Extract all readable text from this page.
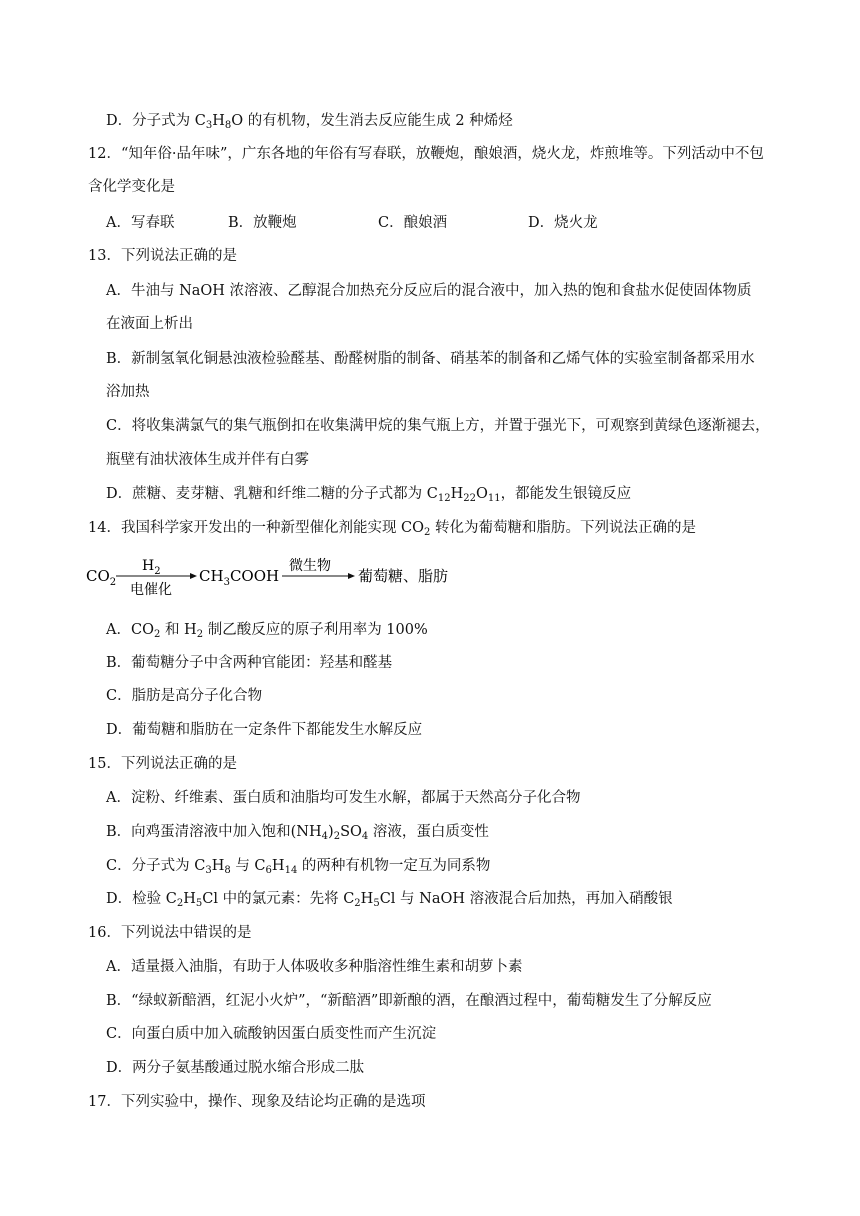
D．分子式为 $C_3H_8O$ 的有机物，发生消去反应能生成 2 种烯烃
12．“知年俗·品年味”，广东各地的年俗有写春联，放鞭炮，酿娘酒，烧火龙，炸煎堆等。下列活动中不包
含化学变化是
A．写春联	B．放鞭炮	C．酿娘酒	D．烧火龙
13．下列说法正确的是
A．牛油与 NaOH 浓溶液、乙醇混合加热充分反应后的混合液中，加入热的饱和食盐水促使固体物质
在液面上析出
B．新制氢氧化铜悬浊液检验醛基、酚醛树脂的制备、硝基苯的制备和乙烯气体的实验室制备都采用水
浴加热
C．将收集满氯气的集气瓶倒扣在收集满甲烷的集气瓶上方，并置于强光下，可观察到黄绿色逐渐褪去，
瓶壁有油状液体生成并伴有白雾
D．蔗糖、麦芽糖、乳糖和纤维二糖的分子式都为 $C_{12}H_{22}O_{11}$，都能发生银镜反应
14．我国科学家开发出的一种新型催化剂能实现 $CO_2$ 转化为葡萄糖和脂肪。下列说法正确的是
$CO_2$
$H_2$
电催化
$CH_3COOH$
微生物
葡萄糖、脂肪
A．$CO_2$ 和 $H_2$ 制乙酸反应的原子利用率为 100%
B．葡萄糖分子中含两种官能团：羟基和醛基
C．脂肪是高分子化合物
D．葡萄糖和脂肪在一定条件下都能发生水解反应
15．下列说法正确的是
A．淀粉、纤维素、蛋白质和油脂均可发生水解，都属于天然高分子化合物
B．向鸡蛋清溶液中加入饱和$(NH_4)_2SO_4$ 溶液，蛋白质变性
C．分子式为 $C_3H_8$ 与 $C_6H_{14}$ 的两种有机物一定互为同系物
D．检验 $C_2H_5Cl$ 中的氯元素：先将 $C_2H_5Cl$ 与 NaOH 溶液混合后加热，再加入硝酸银
16．下列说法中错误的是
A．适量摄入油脂，有助于人体吸收多种脂溶性维生素和胡萝卜素
B．“绿蚁新醅酒，红泥小火炉”，“新醅酒”即新酿的酒，在酿酒过程中，葡萄糖发生了分解反应
C．向蛋白质中加入硫酸钠因蛋白质变性而产生沉淀
D．两分子氨基酸通过脱水缩合形成二肽
17．下列实验中，操作、现象及结论均正确的是选项
